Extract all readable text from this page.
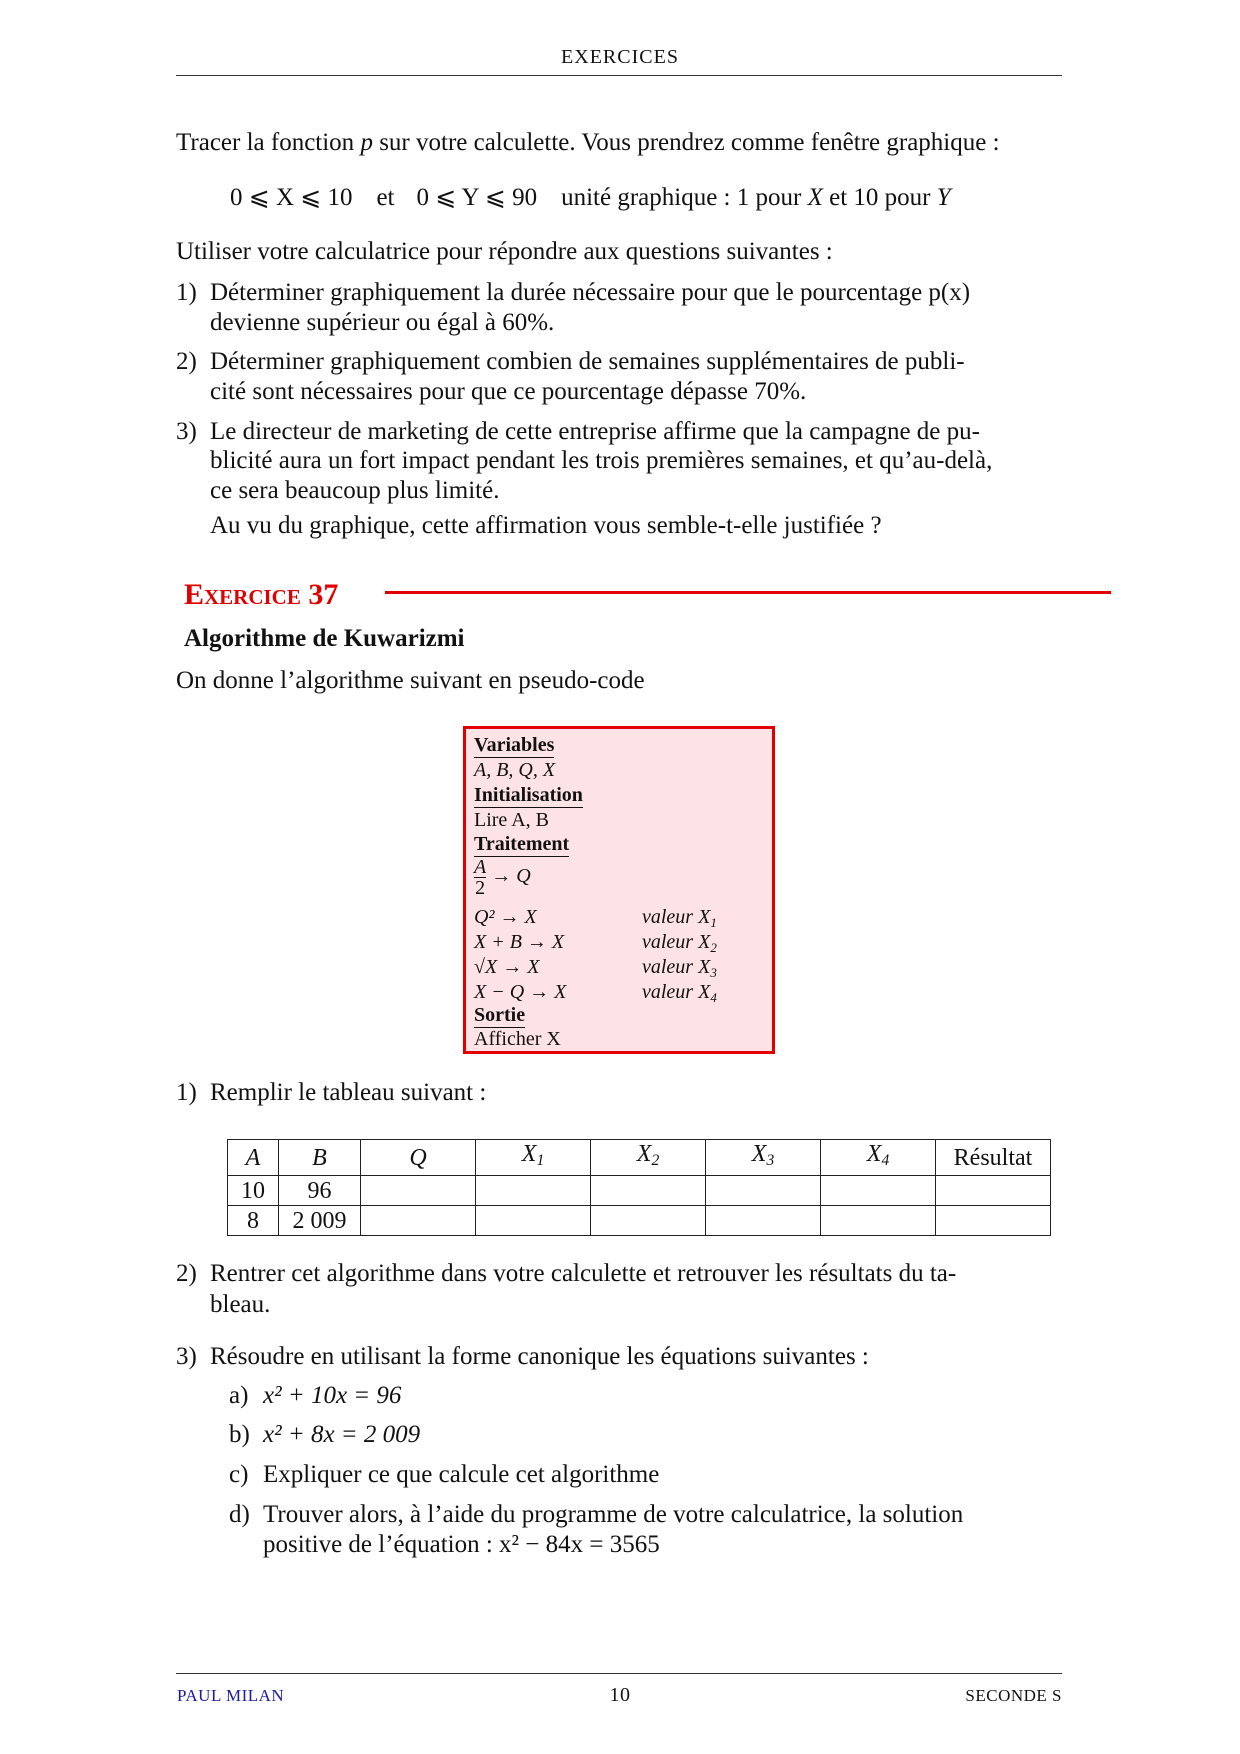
EXERCICES
Tracer la fonction p sur votre calculette. Vous prendrez comme fenêtre graphique :
0 ⩽ X ⩽ 10 et 0 ⩽ Y ⩽ 90 unité graphique : 1 pour X et 10 pour Y
Utiliser votre calculatrice pour répondre aux questions suivantes :
1) Déterminer graphiquement la durée nécessaire pour que le pourcentage p(x)
devienne supérieur ou égal à 60%.
2) Déterminer graphiquement combien de semaines supplémentaires de publi-
cité sont nécessaires pour que ce pourcentage dépasse 70%.
3) Le directeur de marketing de cette entreprise affirme que la campagne de pu-
blicité aura un fort impact pendant les trois premières semaines, et qu’au-delà,
ce sera beaucoup plus limité.
Au vu du graphique, cette affirmation vous semble-t-elle justifiée ?
Exercice 37
Algorithme de Kuwarizmi
On donne l’algorithme suivant en pseudo-code
Variables
A, B, Q, X
Initialisation
Lire A, B
Traitement
$\frac{A}{2} \to Q$
Q² → X	valeur $X_1$
X + B → X	valeur $X_2$
√X → X	valeur $X_3$
X − Q → X	valeur $X_4$
Sortie
Afficher X
1) Remplir le tableau suivant :
A	B	Q	$X_1$	$X_2$	$X_3$	$X_4$	Résultat
10	96						
8	2 009						
2) Rentrer cet algorithme dans votre calculette et retrouver les résultats du ta-
bleau.
3) Résoudre en utilisant la forme canonique les équations suivantes :
a) x² + 10x = 96
b) x² + 8x = 2 009
c) Expliquer ce que calcule cet algorithme
d) Trouver alors, à l’aide du programme de votre calculatrice, la solution
positive de l’équation : x² − 84x = 3565
PAUL MILAN	10	SECONDE S
